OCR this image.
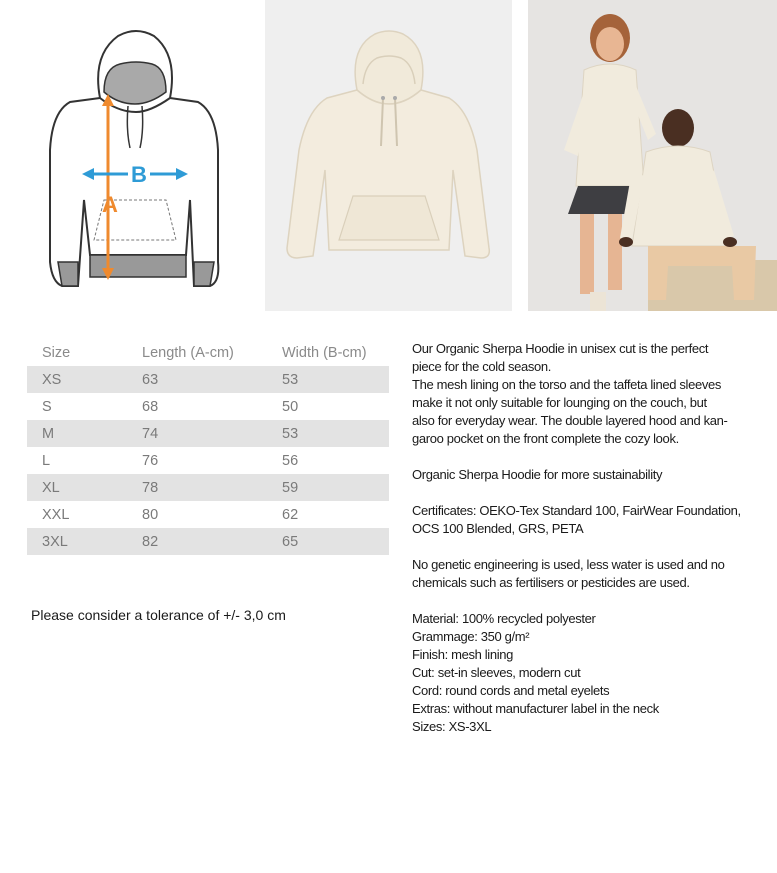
A
B
Size	Length (A-cm)	Width (B-cm)
XS	63	53
S	68	50
M	74	53
L	76	56
XL	78	59
XXL	80	62
3XL	82	65
Please consider a tolerance of +/- 3,0 cm

Our Organic Sherpa Hoodie in unisex cut is the perfect

piece for the cold season.

The mesh lining on the torso and the taffeta lined sleeves

make it not only suitable for lounging on the couch, but

also for everyday wear. The double layered hood and kan-

garoo pocket on the front complete the cozy look.

Organic Sherpa Hoodie for more sustainability

Certificates: OEKO-Tex Standard 100, FairWear Foundation,

OCS 100 Blended, GRS, PETA

No genetic engineering is used, less water is used and no

chemicals such as fertilisers or pesticides are used.

Material: 100% recycled polyester

Grammage: 350 g/m²

Finish: mesh lining

Cut: set-in sleeves, modern cut

Cord: round cords and metal eyelets

Extras: without manufacturer label in the neck

Sizes: XS-3XL
